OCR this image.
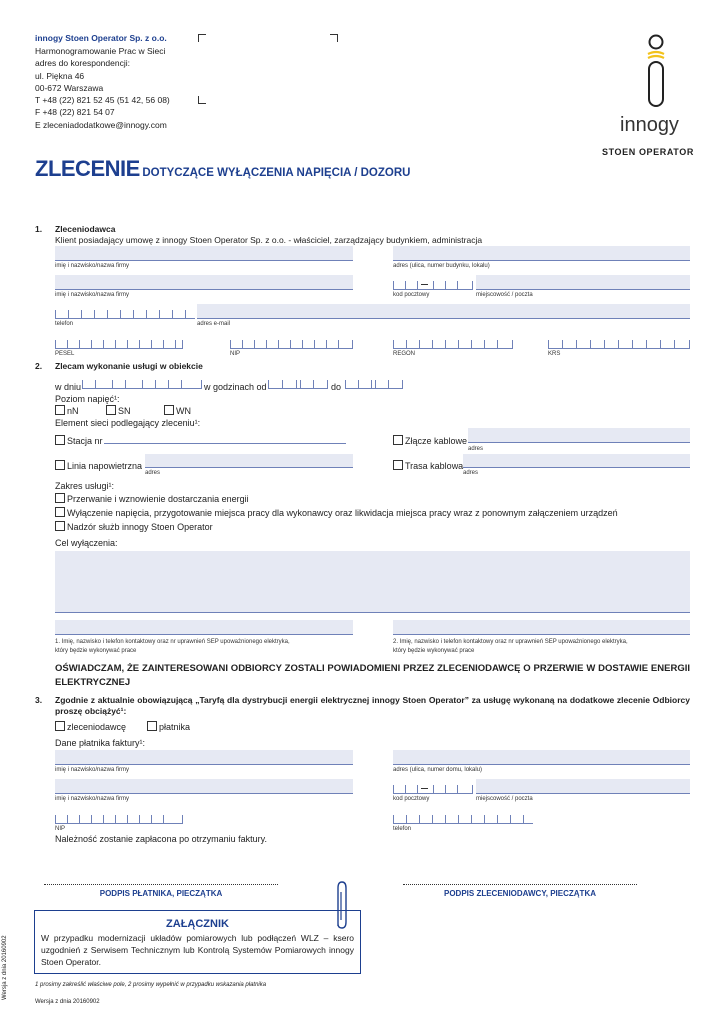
innogy Stoen Operator Sp. z o.o.
Harmonogramowanie Prac w Sieci
adres do korespondencji:
ul. Piękna 46
00-672 Warszawa
T +48 (22) 821 52 45 (51 42, 56 08)
F +48 (22) 821 54 07
E zleceniadodatkowe@innogy.com	innogy
STOEN OPERATOR
ZLECENIE DOTYCZĄCE WYŁĄCZENIA NAPIĘCIA / DOZORU
1. Zleceniodawca
Klient posiadający umowę z innogy Stoen Operator Sp. z o.o. - właściciel, zarządzający budynkiem, administracja
imię i nazwisko/nazwa firmy	adres (ulica, numer budynku, lokalu)
imię i nazwisko/nazwa firmy	kod pocztowy	miejscowość / poczta
telefon	adres e-mail
PESEL	NIP	REGON	KRS
2. Zlecam wykonanie usługi w obiekcie
w dniu	w godzinach od	do
Poziom napięć¹:
nN	SN	WN
Element sieci podlegający zleceniu¹:
Stacja nr	Złącze kablowe
adres
Linia napowietrzna
adres
Trasa kablowa
adres
Zakres usługi¹:
Przerwanie i wznowienie dostarczania energii
Wyłączenie napięcia, przygotowanie miejsca pracy dla wykonawcy oraz likwidacja miejsca pracy wraz z ponownym załączeniem urządzeń
Nadzór służb innogy Stoen Operator
Cel wyłączenia:
1. Imię, nazwisko i telefon kontaktowy oraz nr uprawnień SEP upoważnionego elektryka,
który będzie wykonywać prace
2. Imię, nazwisko i telefon kontaktowy oraz nr uprawnień SEP upoważnionego elektryka,
który będzie wykonywać prace
OŚWIADCZAM, ŻE ZAINTERESOWANI ODBIORCY ZOSTALI POWIADOMIENI PRZEZ ZLECENIODAWCĘ O PRZERWIE W DOSTAWIE ENERGII ELEKTRYCZNEJ
3. Zgodnie z aktualnie obowiązującą „Taryfą dla dystrybucji energii elektrycznej innogy Stoen Operator” za usługę wykonaną na dodatkowe zlecenie Odbiorcy proszę obciążyć¹:
zleceniodawcę	płatnika
Dane płatnika faktury¹:
imię i nazwisko/nazwa firmy	adres (ulica, numer domu, lokalu)
imię i nazwisko/nazwa firmy	kod pocztowy	miejscowość / poczta
NIP	telefon
Należność zostanie zapłacona po otrzymaniu faktury.
PODPIS PŁATNIKA, PIECZĄTKA	PODPIS ZLECENIODAWCY, PIECZĄTKA
ZAŁĄCZNIK
W przypadku modernizacji układów pomiarowych lub podłączeń WLZ – ksero uzgodnień z Serwisem Technicznym lub Kontrolą Systemów Pomiarowych innogy Stoen Operator.
1 prosimy zakreślić właściwe pole, 2 prosimy wypełnić w przypadku wskazania płatnika
Wersja z dnia 20160902
Wersja z dnia 20160902
